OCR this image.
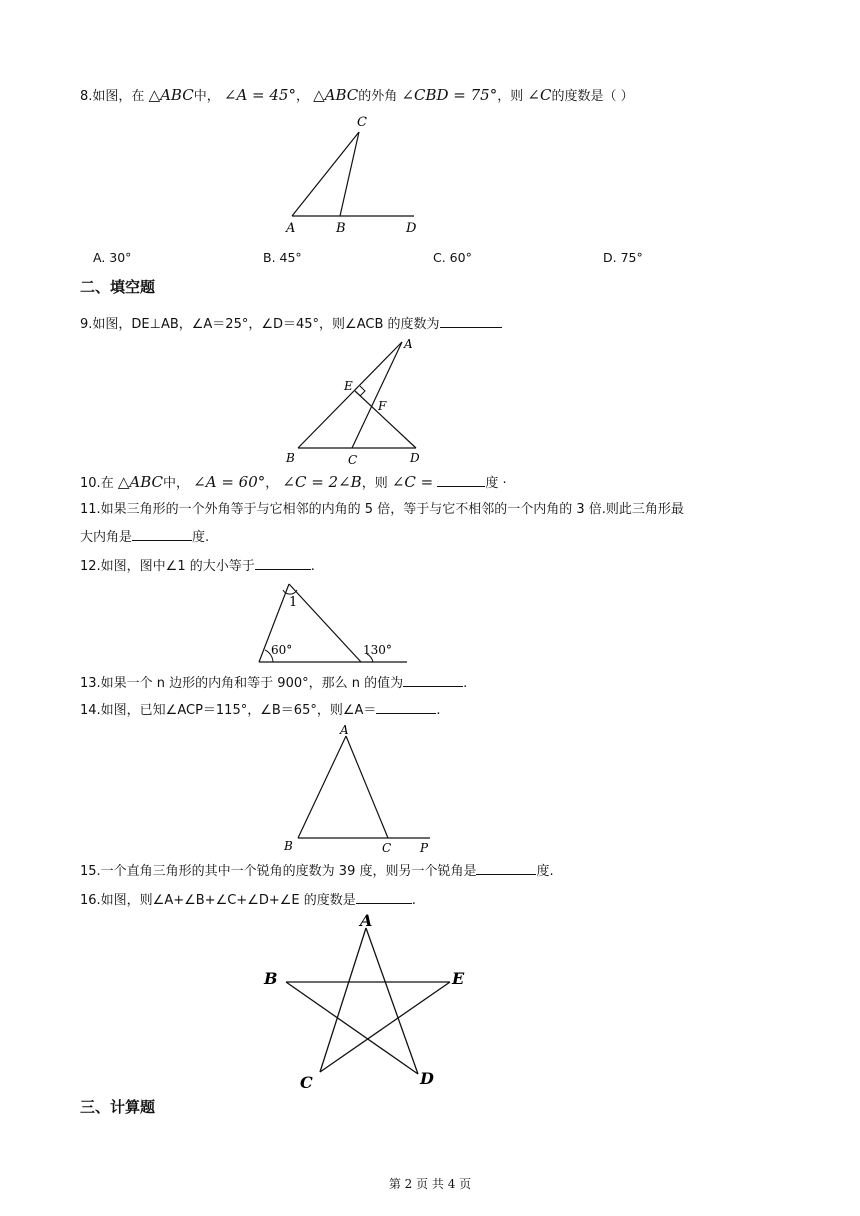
8.如图，在 △ABC中， ∠A = 45°， △ABC的外角 ∠CBD = 75°，则 ∠C的度数是（ ）
C
A	B	D
A. 30°	B. 45°	C. 60°	D. 75°
二、填空题
9.如图，DE⊥AB，∠A＝25°，∠D＝45°，则∠ACB 的度数为
A
E
F
B	C	D
10.在 △ABC中， ∠A = 60°， ∠C = 2∠B，则 ∠C =	度 ·
11.如果三角形的一个外角等于与它相邻的内角的 5 倍，等于与它不相邻的一个内角的 3 倍.则此三角形最
大内角是	度.
12.如图，图中∠1 的大小等于	.
1
60°	130°
13.如果一个 n 边形的内角和等于 900°，那么 n 的值为	.
14.如图，已知∠ACP＝115°，∠B＝65°，则∠A＝	.
A
B	C P
15.一个直角三角形的其中一个锐角的度数为 39 度，则另一个锐角是	度.
16.如图，则∠A+∠B+∠C+∠D+∠E 的度数是	.
A
B	E
C	D
三、计算题
第 2 页 共 4 页
